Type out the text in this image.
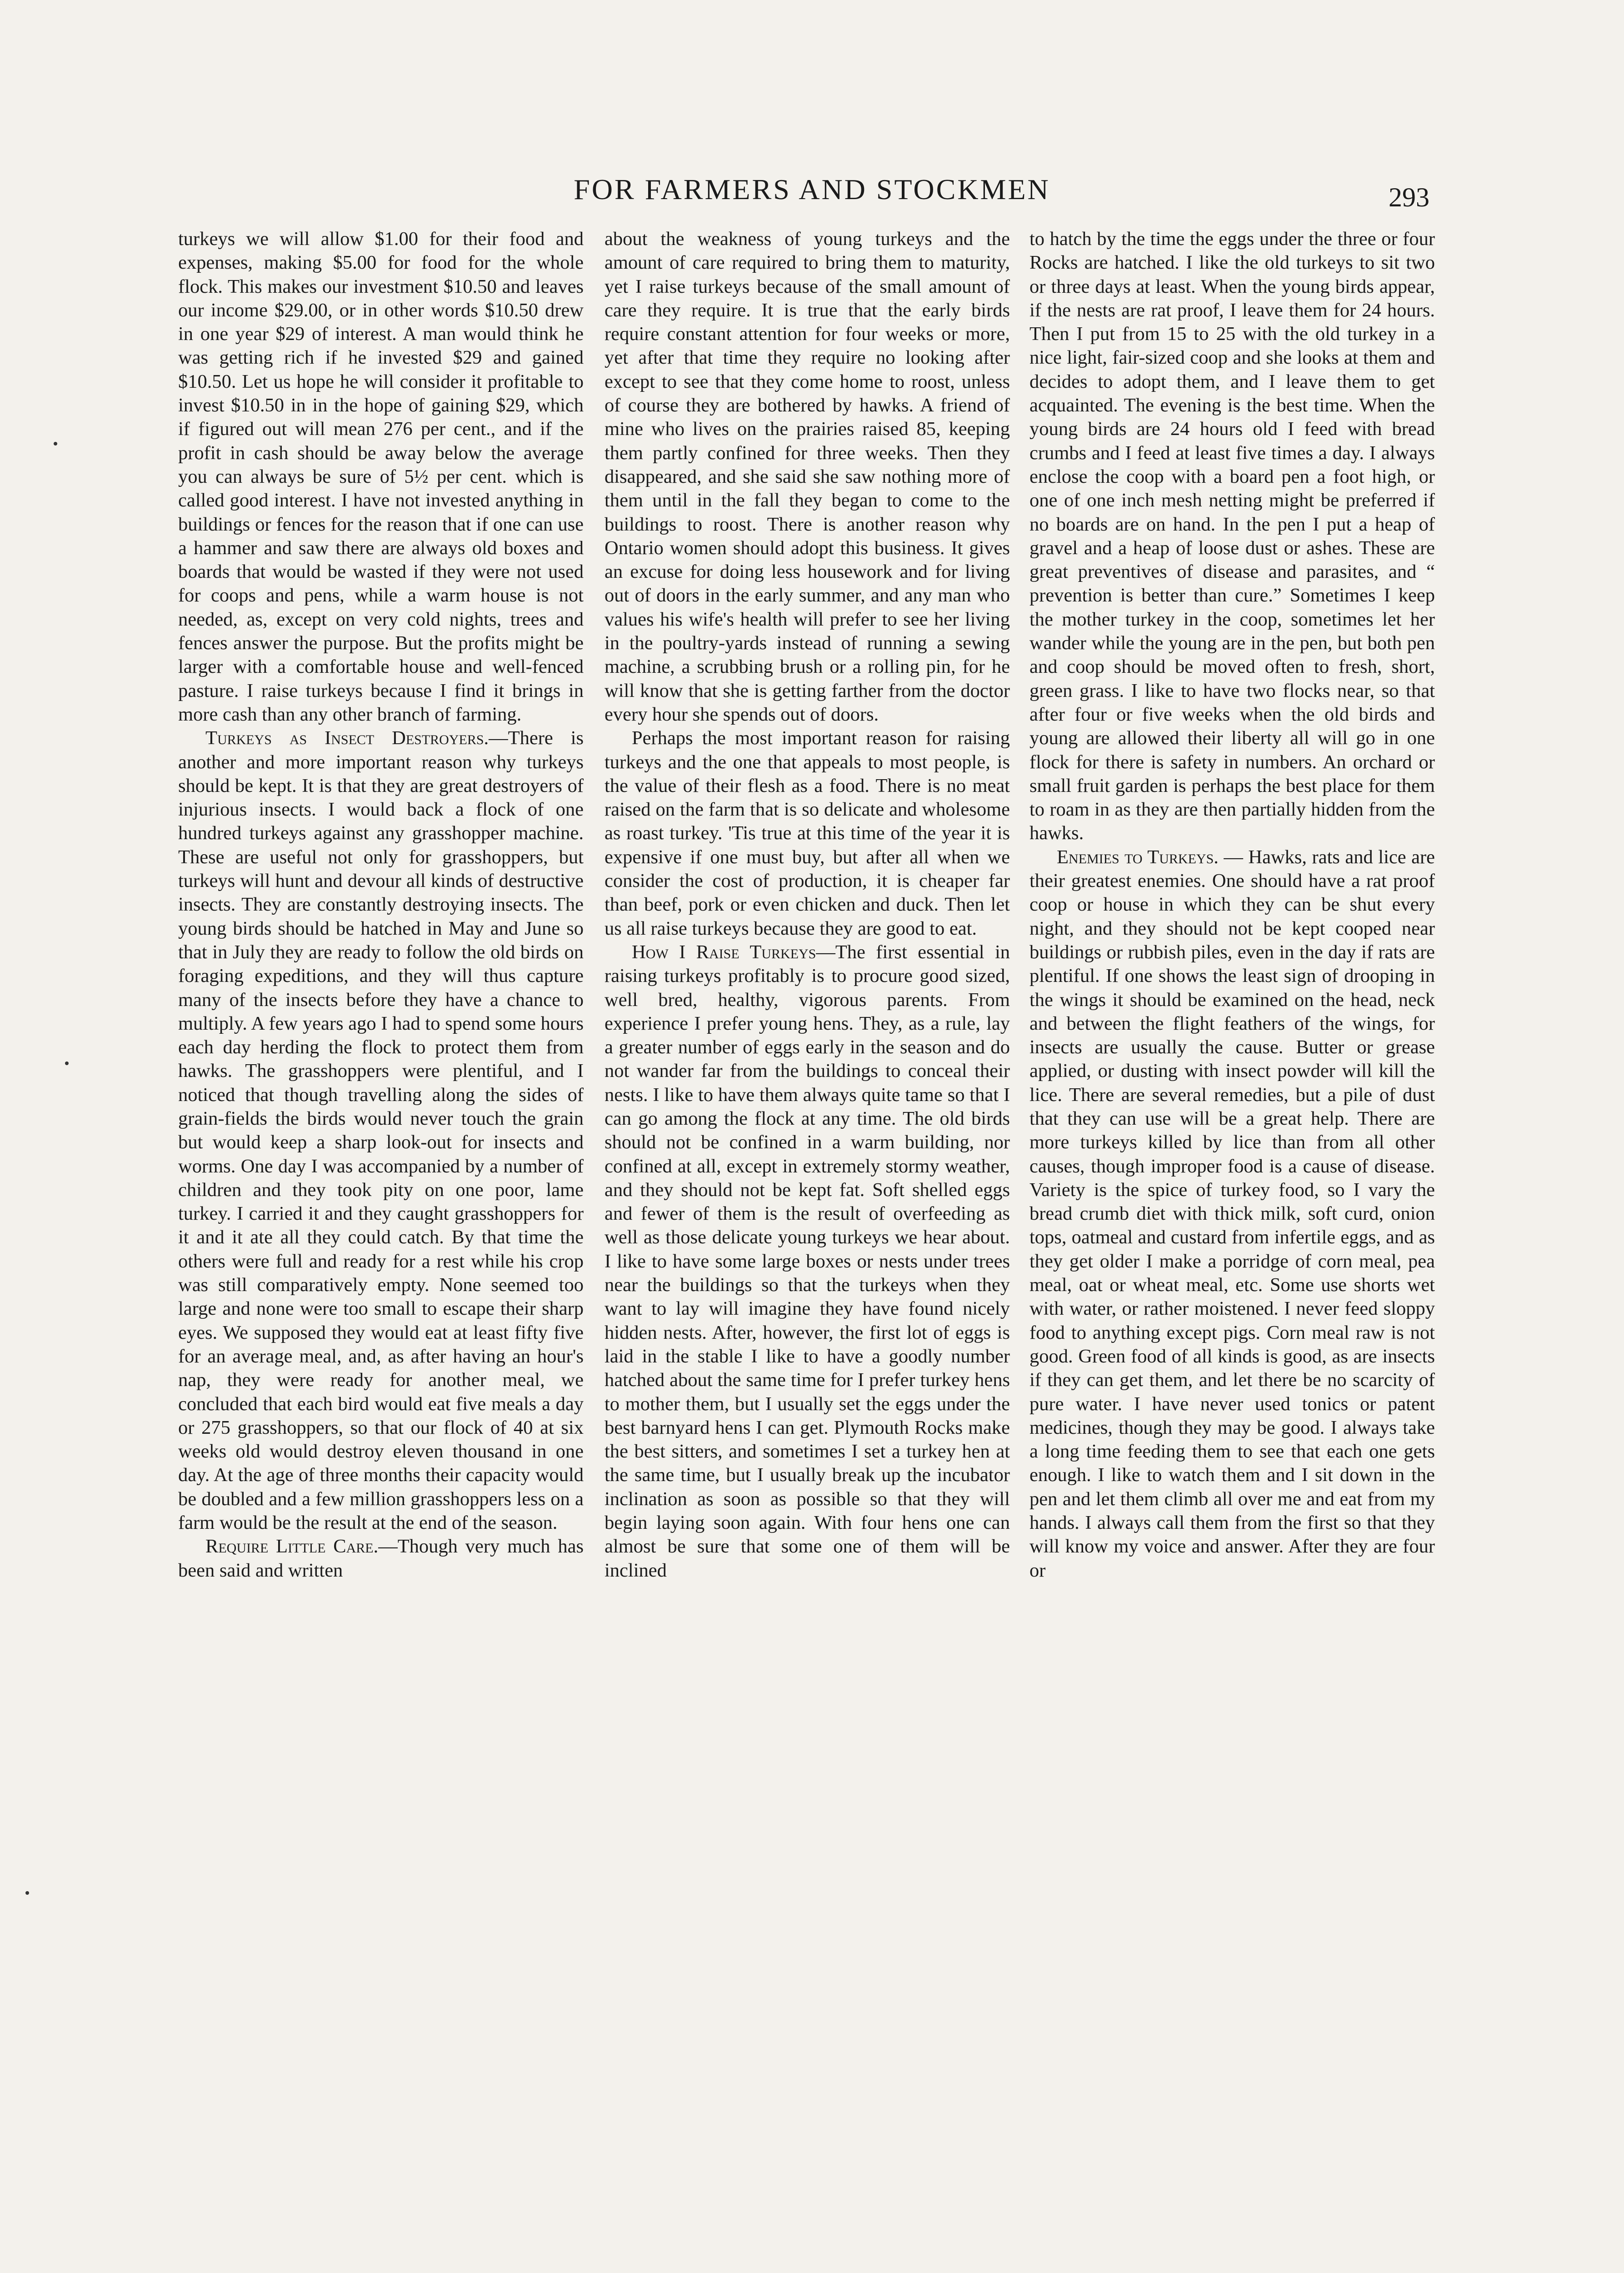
FOR FARMERS AND STOCKMEN	293

turkeys we will allow $1.00 for their food and expenses, making $5.00 for food for the whole flock. This makes our investment $10.50 and leaves our income $29.00, or in other words $10.50 drew in one year $29 of interest. A man would think he was getting rich if he invested $29 and gained $10.50. Let us hope he will consider it profitable to invest $10.50 in in the hope of gaining $29, which if figured out will mean 276 per cent., and if the profit in cash should be away below the average you can always be sure of 5½ per cent. which is called good interest. I have not invested anything in buildings or fences for the reason that if one can use a hammer and saw there are always old boxes and boards that would be wasted if they were not used for coops and pens, while a warm house is not needed, as, except on very cold nights, trees and fences answer the purpose. But the profits might be larger with a comfortable house and well-fenced pasture. I raise turkeys because I find it brings in more cash than any other branch of farming.

Turkeys as Insect Destroyers.—There is another and more important reason why turkeys should be kept. It is that they are great destroyers of injurious insects. I would back a flock of one hundred turkeys against any grasshopper machine. These are useful not only for grasshoppers, but turkeys will hunt and devour all kinds of destructive insects. They are constantly destroying insects. The young birds should be hatched in May and June so that in July they are ready to follow the old birds on foraging expeditions, and they will thus capture many of the insects before they have a chance to multiply. A few years ago I had to spend some hours each day herding the flock to protect them from hawks. The grasshoppers were plentiful, and I noticed that though travelling along the sides of grain-fields the birds would never touch the grain but would keep a sharp look-out for insects and worms. One day I was accompanied by a number of children and they took pity on one poor, lame turkey. I carried it and they caught grasshoppers for it and it ate all they could catch. By that time the others were full and ready for a rest while his crop was still comparatively empty. None seemed too large and none were too small to escape their sharp eyes. We supposed they would eat at least fifty five for an average meal, and, as after having an hour's nap, they were ready for another meal, we concluded that each bird would eat five meals a day or 275 grasshoppers, so that our flock of 40 at six weeks old would destroy eleven thousand in one day. At the age of three months their capacity would be doubled and a few million grasshoppers less on a farm would be the result at the end of the season.

Require Little Care.—Though very much has been said and written

about the weakness of young turkeys and the amount of care required to bring them to maturity, yet I raise turkeys because of the small amount of care they require. It is true that the early birds require constant attention for four weeks or more, yet after that time they require no looking after except to see that they come home to roost, unless of course they are bothered by hawks. A friend of mine who lives on the prairies raised 85, keeping them partly confined for three weeks. Then they disappeared, and she said she saw nothing more of them until in the fall they began to come to the buildings to roost. There is another reason why Ontario women should adopt this business. It gives an excuse for doing less housework and for living out of doors in the early summer, and any man who values his wife's health will prefer to see her living in the poultry-yards instead of running a sewing machine, a scrubbing brush or a rolling pin, for he will know that she is getting farther from the doctor every hour she spends out of doors.

Perhaps the most important reason for raising turkeys and the one that appeals to most people, is the value of their flesh as a food. There is no meat raised on the farm that is so delicate and wholesome as roast turkey. 'Tis true at this time of the year it is expensive if one must buy, but after all when we consider the cost of production, it is cheaper far than beef, pork or even chicken and duck. Then let us all raise turkeys because they are good to eat.

How I Raise Turkeys—The first essential in raising turkeys profitably is to procure good sized, well bred, healthy, vigorous parents. From experience I prefer young hens. They, as a rule, lay a greater number of eggs early in the season and do not wander far from the buildings to conceal their nests. I like to have them always quite tame so that I can go among the flock at any time. The old birds should not be confined in a warm building, nor confined at all, except in extremely stormy weather, and they should not be kept fat. Soft shelled eggs and fewer of them is the result of overfeeding as well as those delicate young turkeys we hear about. I like to have some large boxes or nests under trees near the buildings so that the turkeys when they want to lay will imagine they have found nicely hidden nests. After, however, the first lot of eggs is laid in the stable I like to have a goodly number hatched about the same time for I prefer turkey hens to mother them, but I usually set the eggs under the best barnyard hens I can get. Plymouth Rocks make the best sitters, and sometimes I set a turkey hen at the same time, but I usually break up the incubator inclination as soon as possible so that they will begin laying soon again. With four hens one can almost be sure that some one of them will be inclined

to hatch by the time the eggs under the three or four Rocks are hatched. I like the old turkeys to sit two or three days at least. When the young birds appear, if the nests are rat proof, I leave them for 24 hours. Then I put from 15 to 25 with the old turkey in a nice light, fair-sized coop and she looks at them and decides to adopt them, and I leave them to get acquainted. The evening is the best time. When the young birds are 24 hours old I feed with bread crumbs and I feed at least five times a day. I always enclose the coop with a board pen a foot high, or one of one inch mesh netting might be preferred if no boards are on hand. In the pen I put a heap of gravel and a heap of loose dust or ashes. These are great preventives of disease and parasites, and “ prevention is better than cure.” Sometimes I keep the mother turkey in the coop, sometimes let her wander while the young are in the pen, but both pen and coop should be moved often to fresh, short, green grass. I like to have two flocks near, so that after four or five weeks when the old birds and young are allowed their liberty all will go in one flock for there is safety in numbers. An orchard or small fruit garden is perhaps the best place for them to roam in as they are then partially hidden from the hawks.

Enemies to Turkeys. — Hawks, rats and lice are their greatest enemies. One should have a rat proof coop or house in which they can be shut every night, and they should not be kept cooped near buildings or rubbish piles, even in the day if rats are plentiful. If one shows the least sign of drooping in the wings it should be examined on the head, neck and between the flight feathers of the wings, for insects are usually the cause. Butter or grease applied, or dusting with insect powder will kill the lice. There are several remedies, but a pile of dust that they can use will be a great help. There are more turkeys killed by lice than from all other causes, though improper food is a cause of disease. Variety is the spice of turkey food, so I vary the bread crumb diet with thick milk, soft curd, onion tops, oatmeal and custard from infertile eggs, and as they get older I make a porridge of corn meal, pea meal, oat or wheat meal, etc. Some use shorts wet with water, or rather moistened. I never feed sloppy food to anything except pigs. Corn meal raw is not good. Green food of all kinds is good, as are insects if they can get them, and let there be no scarcity of pure water. I have never used tonics or patent medicines, though they may be good. I always take a long time feeding them to see that each one gets enough. I like to watch them and I sit down in the pen and let them climb all over me and eat from my hands. I always call them from the first so that they will know my voice and answer. After they are four or
